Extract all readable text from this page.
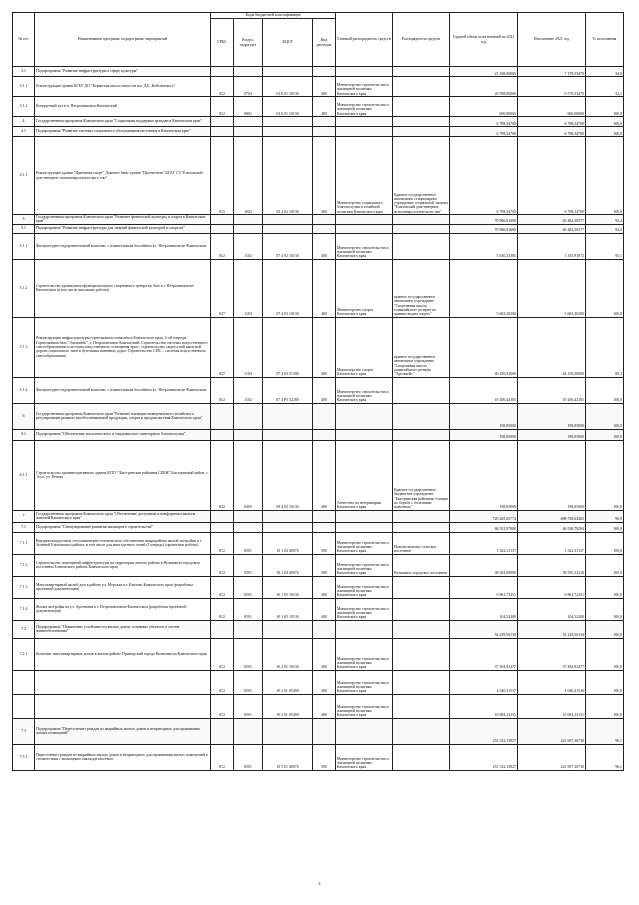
№ п/п	Наименование программ, подпрограмм, мероприятий	Коды бюджетной классификации				Главный распорядитель средств	Распорядитель средств	Годовой объем ассигнований на 2021 год	Исполнение 2021 год	% исполнения
		ГРБС	Раздел, подраздел	КЦСР	Вид расходов					
3.1	Подпрограмма "Развитие инфраструктуры в сфере культуры"							21 198,00000	7 179,53470	34,0
3.1.1	Реконструкция здания КГБУ ДО "Корякская школа искусств им. Д.Б. Кобелевского"	812	0703	03 6 01 10130	400	Министерство строительства и жилищной политики Камчатского края		20 598,00000	6 579,53470	32,1
3.1.2	Концертный зал в п. Петропавловск-Камчатский	812	0801	03 6 01 10130	400	Министерство строительства и жилищной политики Камчатского края		600,00000	600,00000	100,0
4	Государственная программа Камчатского края "Социальная поддержка граждан в Камчатском крае"							6 798,34700	6 798,34700	100,0
4.1	Подпрограмма "Развитие системы социального обслуживания населения в Камчатском крае"							6 798,34700	6 798,34700	100,0
4.1.1	Реконструкция здания "Приемная-спорт" Домовое бани здания "Прочистная" КГАУ СЗ "Елизовский дом-интернат психоневрологического тип"	815	1002	05 4 02 10130	400	Министерство социального благополучия и семейной политики Камчатского края	Краевое государственное автономное стационарное учреждение социальной защиты "Елизовский дом-интернат психоневрологического тип"	6 798,34700	6 798,34700	100,0
5	Государственная программа Камчатского края "Развитие физической культуры и спорта в Камчатском крае"							70 966,81600	65 482,30377	92,2
5.1	Подпрограмма "Развитие инфраструктуры для занятий физической культурой и спортом"							70 966,81600	65 482,30377	92,2
5.1.1	Физкультурно-оздоровительный комплекс с плавательным бассейном в г. Петропавловске-Камчатском	812	1102	07 4 02 10130	400	Министерство строительства и жилищной политики Камчатского края		5 630,33385	5 355,91072	95,1
5.1.2	Строительство здания многофункционального спортивного центра на базе в г. Петропавловске-Камчатском (в том числе школьные работы)	847	1103	07 4 03 10130	400	Министерство спорта Камчатского края	краевое государственное автономное учреждение "Спортивная школа олимпийского резерва по зимним видам спорта"	5 663,30200	5 663,30200	100,0
5.1.3	Реконструкция инфраструктуры горнолыжного комплекса Камчатского края. 2-ой очереди. Горнолыжная база "Эдельвейс", г. Петропавловск-Камчатский. Строительство системы искусственного снегообразования и системы искусственного освещения трасс, строительство скоростной канатной дороги социального типа и бугельных канатных дорог. Строительство СНС – системы искусственного снегообразования	847	1103	07 4 03 51390	400	Министерство спорта Камчатского края	краевое государственное автономное учреждение "Спортивная школа олимпийского резерва "Эдельвейс"	49 456,53000	44 156,50000	89,3
5.1.4	Физкультурно-оздоровительный комплекс с плавательным бассейном в г. Петропавловске-Камчатском	812	1102	07 4 P5 52280	400	Министерство строительства и жилищной политики Камчатского края		10 206,42105	10 206,42105	100,0
6	Государственная программа Камчатского края "Развитие жилищно-коммунального хозяйства и регулирование рынков газообеспечиваемой продукции, спорта и продовольствия Камчатского края"							198,85000	198,85000	100,0
6.1	Подпрограмма "Обеспечение экологического и эпидемиолого-санитарного благополучия"							198,85000	198,85000	100,0
6.1.1	Строительство административного здания КГБУ "Быстринская районная СББЖ" Быстринский район, с. Эссо, ул. Речная	832	0405	09 4 02 10130	400	Агентство по ветеринарии Камчатского края	Краевое государственное бюджетное учреждение "Быстринская районная станция по борьбе с болезнями животных"	198,85000	198,85000	100,0
7	Государственная программа Камчатского края "Обеспечение доступным и комфортным жильем жителей Камчатского края"							720 265,65774	698 758,64465	96,9
7.1	Подпрограмма "Стимулирование развития жилищного строительства"							46 551,97000	46 538,79204	100,0
7.1.1	Внутриплощадочные сети инженерно-технического обеспечения микрорайона жилой застройки в г. Зелёный Елизовского района, в том числе для многодетных семей (I очередь) (проектные работы)	812	0501	10 1 04 40070	500	Министерство строительства и жилищной политики Камчатского края	Новолесновское сельское поселение	1 022,31137	1 022,31137	100,0
7.1.2	Строительство помещений инфраструктуры на территории жилого района в Вулканном городском поселении Елизовского района Камчатского края	812	0501	10 1 04 40070	500	Министерство строительства и жилищной политики Камчатского края	Вулканное городское поселение	38 563,00000	38 550,32216	100,0
7.1.3	Многоквартирный жилой дом в районе ул. Морская в г. Елизово Камчатского края (разработка проектной документации)	812	0501	10 1 05 10130	400	Министерство строительства и жилищной политики Камчатского края		6 861,72351	6 861,72351	100,0
7.1.4	Жилая застройка на ул. Арсеньева в г. Петропавловске-Камчатском (разработка проектной документации)	812	0501	10 1 05 10130	400	Министерство строительства и жилищной политики Камчатского края		104,52200	104,52200	100,0
7.2	Подпрограмма "Повышение устойчивости жилых домов, основных объектов и систем жизнеобеспечения"							52 229,56130	52 229,56134	100,0
7.2.1	Комплекс многоквартирных домов в жилом районе Приморский города Вилючинска Камчатского края	812	0501	10 2 01 10130	400	Министерство строительства и жилищной политики Камчатского края		37 494,92477	37 494,92477	100,0
		812	0501	10 2 01 S5400	400	Министерство строительства и жилищной политики Камчатского края		4 040,41537	4 040,41526	100,0
		812	0501	10 2 01 S5400	400	Министерство строительства и жилищной политики Камчатского края		10 694,23131	10 694,23131	100,0
7.3	Подпрограмма "Переселение граждан из аварийных жилых домов и непригодных для проживания жилых помещений"							251 532,15827	241 697,36730	96,1
7.3.1	Переселение граждан из аварийных жилых домов и непригодных для проживания жилых помещений в соответствии с жилищным законодательством	812	0501	10 5 01 40070	500	Министерство строительства и жилищной политики Камчатского края		251 532,15827	241 697,36730	96,1
4
